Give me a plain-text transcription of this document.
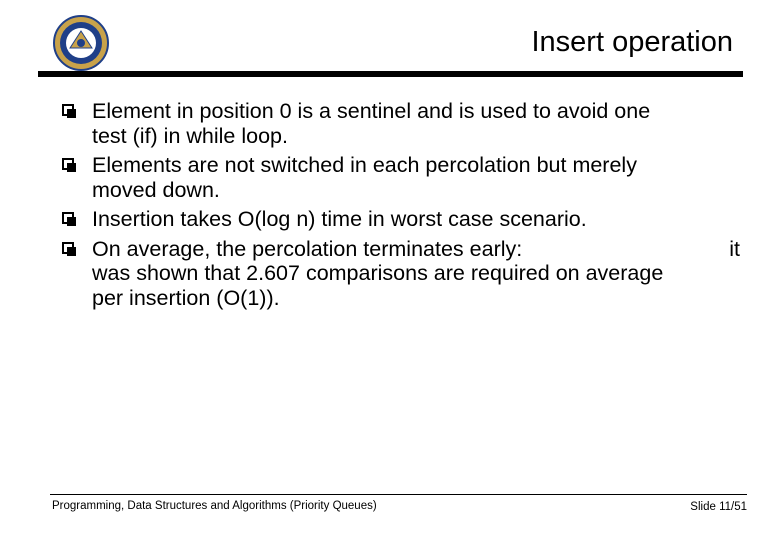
Insert operation
Element in position 0 is a sentinel and is used to avoid one
test (if) in while loop.
Elements are not switched in each percolation but merely
moved down.
Insertion takes O(log n) time in worst case scenario.
On average, the percolation terminates early:	it
was shown that 2.607 comparisons are required on average
per insertion (O(1)).
Programming, Data Structures and Algorithms (Priority Queues)	Slide 11/51
